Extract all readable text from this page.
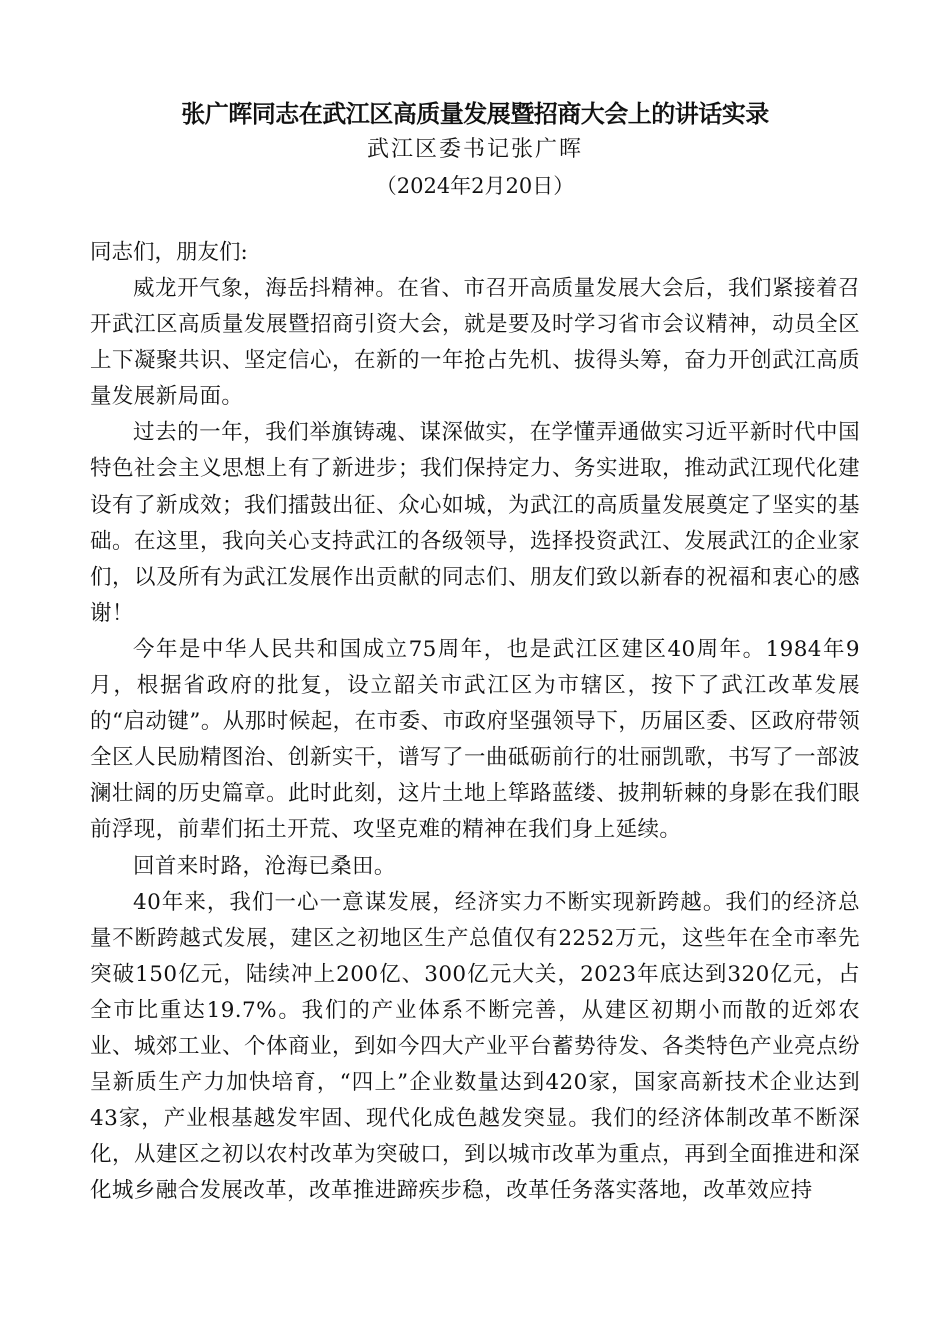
张广晖同志在武江区高质量发展暨招商大会上的讲话实录

武江区委书记张广晖

（2024年2月20日）

同志们，朋友们:

威龙开气象，海岳抖精神。在省、市召开高质量发展大会后，我们紧接着召开武江区高质量发展暨招商引资大会，就是要及时学习省市会议精神，动员全区上下凝聚共识、坚定信心，在新的一年抢占先机、拔得头筹，奋力开创武江高质量发展新局面。

过去的一年，我们举旗铸魂、谋深做实，在学懂弄通做实习近平新时代中国特色社会主义思想上有了新进步；我们保持定力、务实进取，推动武江现代化建设有了新成效；我们擂鼓出征、众心如城，为武江的高质量发展奠定了坚实的基础。在这里，我向关心支持武江的各级领导，选择投资武江、发展武江的企业家们，以及所有为武江发展作出贡献的同志们、朋友们致以新春的祝福和衷心的感谢！

今年是中华人民共和国成立75周年，也是武江区建区40周年。1984年9月，根据省政府的批复，设立韶关市武江区为市辖区，按下了武江改革发展的“启动键”。从那时候起，在市委、市政府坚强领导下，历届区委、区政府带领全区人民励精图治、创新实干，谱写了一曲砥砺前行的壮丽凯歌，书写了一部波澜壮阔的历史篇章。此时此刻，这片土地上筚路蓝缕、披荆斩棘的身影在我们眼前浮现，前辈们拓土开荒、攻坚克难的精神在我们身上延续。

回首来时路，沧海已桑田。

40年来，我们一心一意谋发展，经济实力不断实现新跨越。我们的经济总量不断跨越式发展，建区之初地区生产总值仅有2252万元，这些年在全市率先突破150亿元，陆续冲上200亿、300亿元大关，2023年底达到320亿元，占全市比重达19.7%。我们的产业体系不断完善，从建区初期小而散的近郊农业、城郊工业、个体商业，到如今四大产业平台蓄势待发、各类特色产业亮点纷呈新质生产力加快培育，“四上”企业数量达到420家，国家高新技术企业达到43家，产业根基越发牢固、现代化成色越发突显。我们的经济体制改革不断深化，从建区之初以农村改革为突破口，到以城市改革为重点，再到全面推进和深化城乡融合发展改革，改革推进蹄疾步稳，改革任务落实落地，改革效应持
